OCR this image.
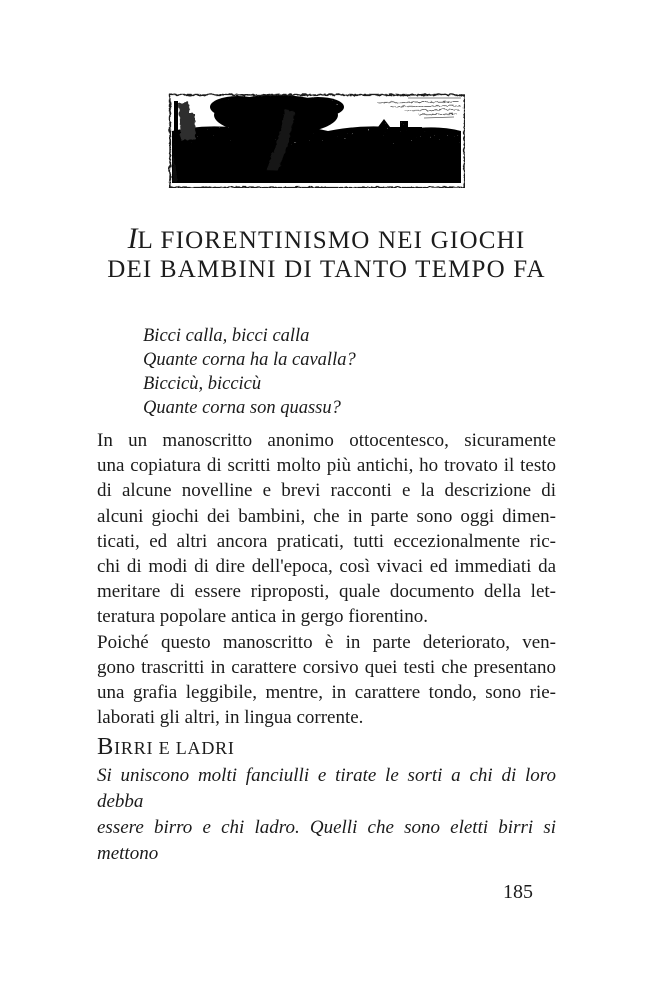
IL FIORENTINISMO NEI GIOCHI
DEI BAMBINI DI TANTO TEMPO FA
Bicci calla, bicci calla
Quante corna ha la cavalla?
Biccicù, biccicù
Quante corna son quassu?
In un manoscritto anonimo ottocentesco, sicuramente
una copiatura di scritti molto più antichi, ho trovato il testo
di alcune novelline e brevi racconti e la descrizione di
alcuni giochi dei bambini, che in parte sono oggi dimen-
ticati, ed altri ancora praticati, tutti eccezionalmente ric-
chi di modi di dire dell'epoca, così vivaci ed immediati da
meritare di essere riproposti, quale documento della let-
teratura popolare antica in gergo fiorentino.
Poiché questo manoscritto è in parte deteriorato, ven-
gono trascritti in carattere corsivo quei testi che presentano
una grafia leggibile, mentre, in carattere tondo, sono rie-
laborati gli altri, in lingua corrente.
BIRRI E LADRI
Si uniscono molti fanciulli e tirate le sorti a chi di loro debba
essere birro e chi ladro. Quelli che sono eletti birri si mettono
185
